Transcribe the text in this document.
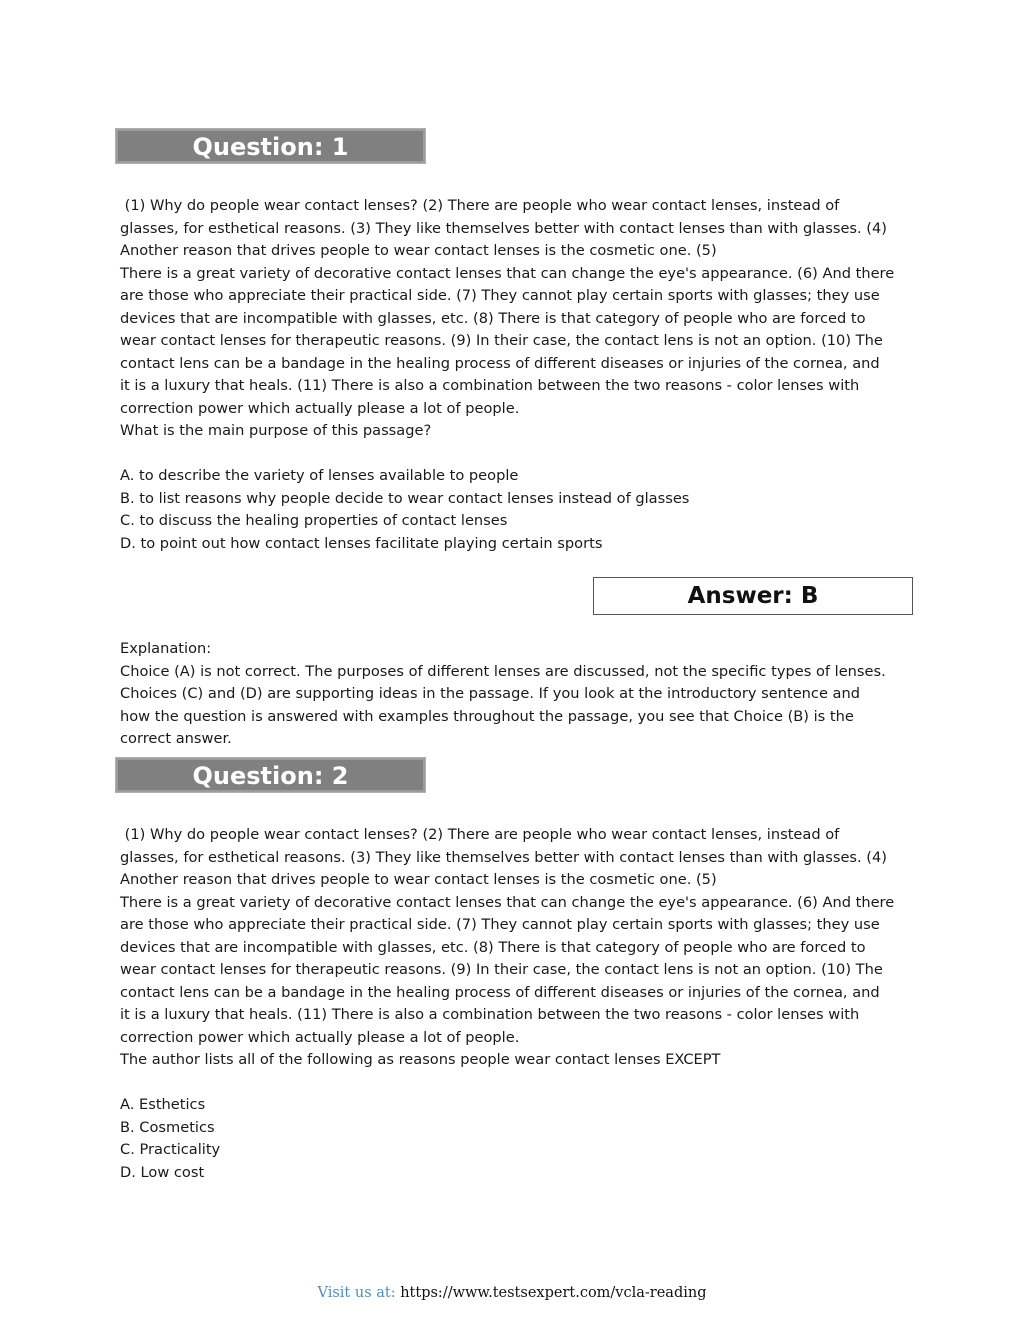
Question: 1
(1) Why do people wear contact lenses? (2) There are people who wear contact lenses, instead of
glasses, for esthetical reasons. (3) They like themselves better with contact lenses than with glasses. (4)
Another reason that drives people to wear contact lenses is the cosmetic one. (5)
There is a great variety of decorative contact lenses that can change the eye's appearance. (6) And there
are those who appreciate their practical side. (7) They cannot play certain sports with glasses; they use
devices that are incompatible with glasses, etc. (8) There is that category of people who are forced to
wear contact lenses for therapeutic reasons. (9) In their case, the contact lens is not an option. (10) The
contact lens can be a bandage in the healing process of different diseases or injuries of the cornea, and
it is a luxury that heals. (11) There is also a combination between the two reasons - color lenses with
correction power which actually please a lot of people.
What is the main purpose of this passage?
A. to describe the variety of lenses available to people
B. to list reasons why people decide to wear contact lenses instead of glasses
C. to discuss the healing properties of contact lenses
D. to point out how contact lenses facilitate playing certain sports
Answer: B
Explanation:
Choice (A) is not correct. The purposes of different lenses are discussed, not the specific types of lenses.
Choices (C) and (D) are supporting ideas in the passage. If you look at the introductory sentence and
how the question is answered with examples throughout the passage, you see that Choice (B) is the
correct answer.
Question: 2
(1) Why do people wear contact lenses? (2) There are people who wear contact lenses, instead of
glasses, for esthetical reasons. (3) They like themselves better with contact lenses than with glasses. (4)
Another reason that drives people to wear contact lenses is the cosmetic one. (5)
There is a great variety of decorative contact lenses that can change the eye's appearance. (6) And there
are those who appreciate their practical side. (7) They cannot play certain sports with glasses; they use
devices that are incompatible with glasses, etc. (8) There is that category of people who are forced to
wear contact lenses for therapeutic reasons. (9) In their case, the contact lens is not an option. (10) The
contact lens can be a bandage in the healing process of different diseases or injuries of the cornea, and
it is a luxury that heals. (11) There is also a combination between the two reasons - color lenses with
correction power which actually please a lot of people.
The author lists all of the following as reasons people wear contact lenses EXCEPT
A. Esthetics
B. Cosmetics
C. Practicality
D. Low cost
Visit us at: https://www.testsexpert.com/vcla-reading
